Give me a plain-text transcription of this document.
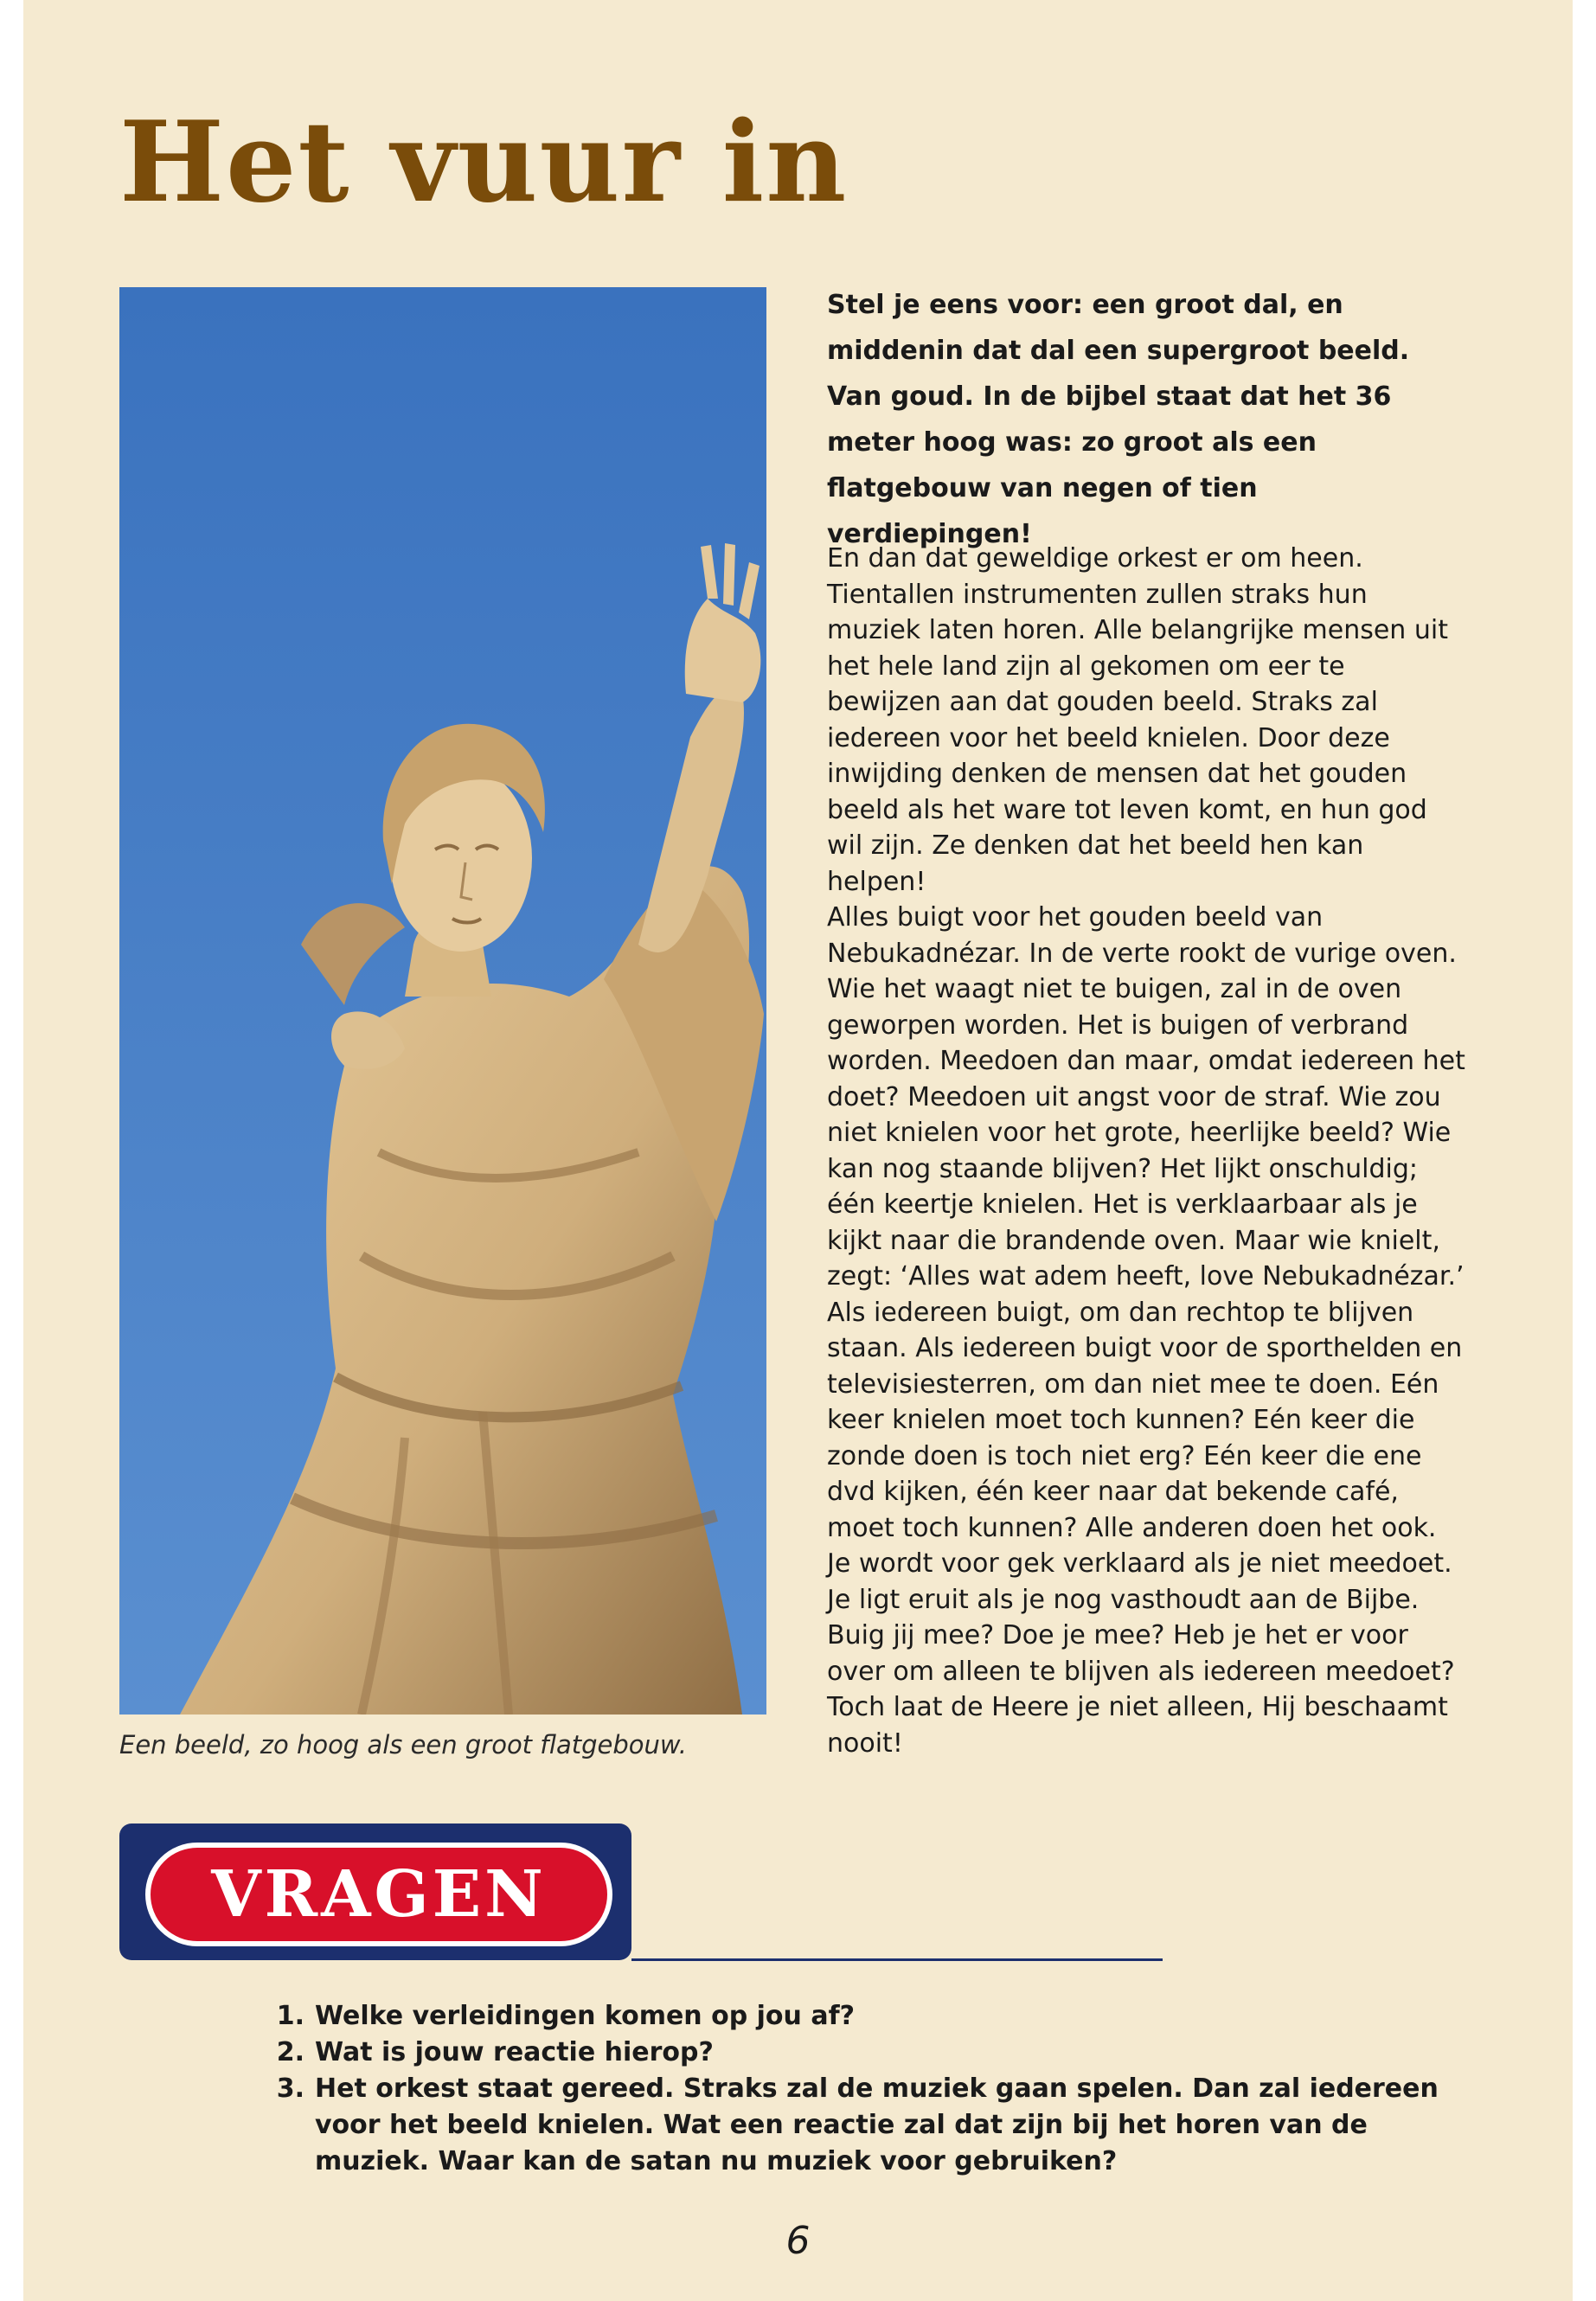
Het vuur in
Een beeld, zo hoog als een groot flatgebouw.

Stel je eens voor: een groot dal, en middenin dat dal een supergroot beeld. Van goud. In de bijbel staat dat het 36 meter hoog was: zo groot als een flatgebouw van negen of tien verdiepingen!

En dan dat geweldige orkest er om heen. Tientallen instrumenten zullen straks hun muziek laten horen. Alle belangrijke mensen uit het hele land zijn al gekomen om eer te bewijzen aan dat gouden beeld. Straks zal iedereen voor het beeld knielen. Door deze inwijding denken de mensen dat het gouden beeld als het ware tot leven komt, en hun god wil zijn. Ze denken dat het beeld hen kan helpen!

Alles buigt voor het gouden beeld van Nebukadnézar. In de verte rookt de vurige oven. Wie het waagt niet te buigen, zal in de oven geworpen worden. Het is buigen of verbrand worden. Meedoen dan maar, omdat iedereen het doet? Meedoen uit angst voor de straf. Wie zou niet knielen voor het grote, heerlijke beeld? Wie kan nog staande blijven? Het lijkt onschuldig; één keertje knielen. Het is verklaarbaar als je kijkt naar die brandende oven. Maar wie knielt, zegt: ‘Alles wat adem heeft, love Nebukadnézar.’

Als iedereen buigt, om dan rechtop te blijven staan. Als iedereen buigt voor de sporthelden en televisiesterren, om dan niet mee te doen. Eén keer knielen moet toch kunnen? Eén keer die zonde doen is toch niet erg? Eén keer die ene dvd kijken, één keer naar dat bekende café, moet toch kunnen? Alle anderen doen het ook. Je wordt voor gek verklaard als je niet meedoet. Je ligt eruit als je nog vasthoudt aan de Bijbe. Buig jij mee? Doe je mee? Heb je het er voor over om alleen te blijven als iedereen meedoet? Toch laat de Heere je niet alleen, Hij beschaamt nooit!

VRAGEN
1. Welke verleidingen komen op jou af?
2. Wat is jouw reactie hierop?
3. Het orkest staat gereed. Straks zal de muziek gaan spelen. Dan zal iedereen voor het beeld knielen. Wat een reactie zal dat zijn bij het horen van de muziek. Waar kan de satan nu muziek voor gebruiken?
6
